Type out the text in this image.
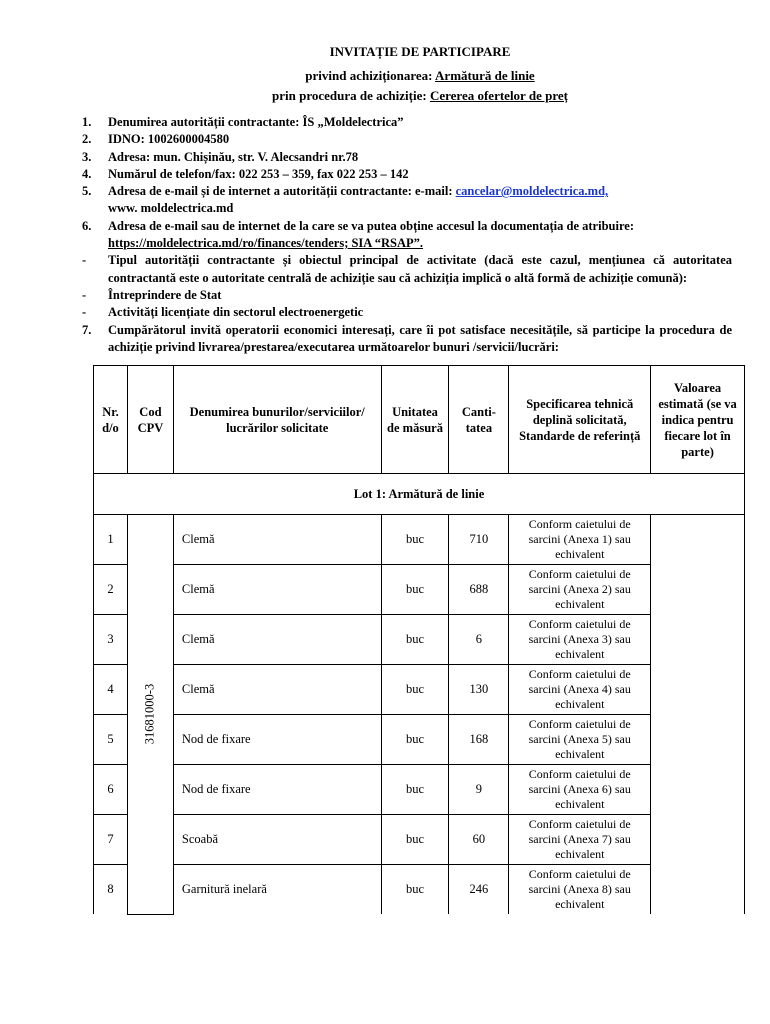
INVITAȚIE DE PARTICIPARE
privind achiziționarea: Armătură de linie
prin procedura de achiziție: Cererea ofertelor de preț
1.	Denumirea autorității contractante: ÎS „Moldelectrica”
2.	IDNO: 1002600004580
3.	Adresa: mun. Chișinău, str. V. Alecsandri nr.78
4.	Numărul de telefon/fax: 022 253 – 359, fax 022 253 – 142
5.	Adresa de e-mail și de internet a autorității contractante: e-mail: cancelar@moldelectrica.md,
www. moldelectrica.md
6.	Adresa de e-mail sau de internet de la care se va putea obține accesul la documentația de atribuire:
https://moldelectrica.md/ro/finances/tenders; SIA “RSAP”.
-	Tipul autorității contractante și obiectul principal de activitate (dacă este cazul, mențiunea că autoritatea contractantă este o autoritate centrală de achiziție sau că achiziția implică o altă formă de achiziție comună):
-	Întreprindere de Stat
-	Activități licențiate din sectorul electroenergetic
7.	Cumpărătorul invită operatorii economici interesați, care îi pot satisface necesitățile, să participe la procedura de achiziție privind livrarea/prestarea/executarea următoarelor bunuri /servicii/lucrări:
Nr. d/o	Cod CPV	Denumirea bunurilor/serviciilor/ lucrărilor solicitate	Unitatea de măsură	Canti-tatea	Specificarea tehnică deplină solicitată, Standarde de referință	Valoarea estimată (se va indica pentru fiecare lot în parte)
Lot 1: Armătură de linie						
1	31681000-3	Clemă	buc	710	Conform caietului de sarcini (Anexa 1) sau echivalent	
2		Clemă	buc	688	Conform caietului de sarcini (Anexa 2) sau echivalent	
3		Clemă	buc	6	Conform caietului de sarcini (Anexa 3) sau echivalent	
4		Clemă	buc	130	Conform caietului de sarcini (Anexa 4) sau echivalent	
5		Nod de fixare	buc	168	Conform caietului de sarcini (Anexa 5) sau echivalent	
6		Nod de fixare	buc	9	Conform caietului de sarcini (Anexa 6) sau echivalent	
7		Scoabă	buc	60	Conform caietului de sarcini (Anexa 7) sau echivalent	
8		Garnitură inelară	buc	246	Conform caietului de sarcini (Anexa 8) sau echivalent	
